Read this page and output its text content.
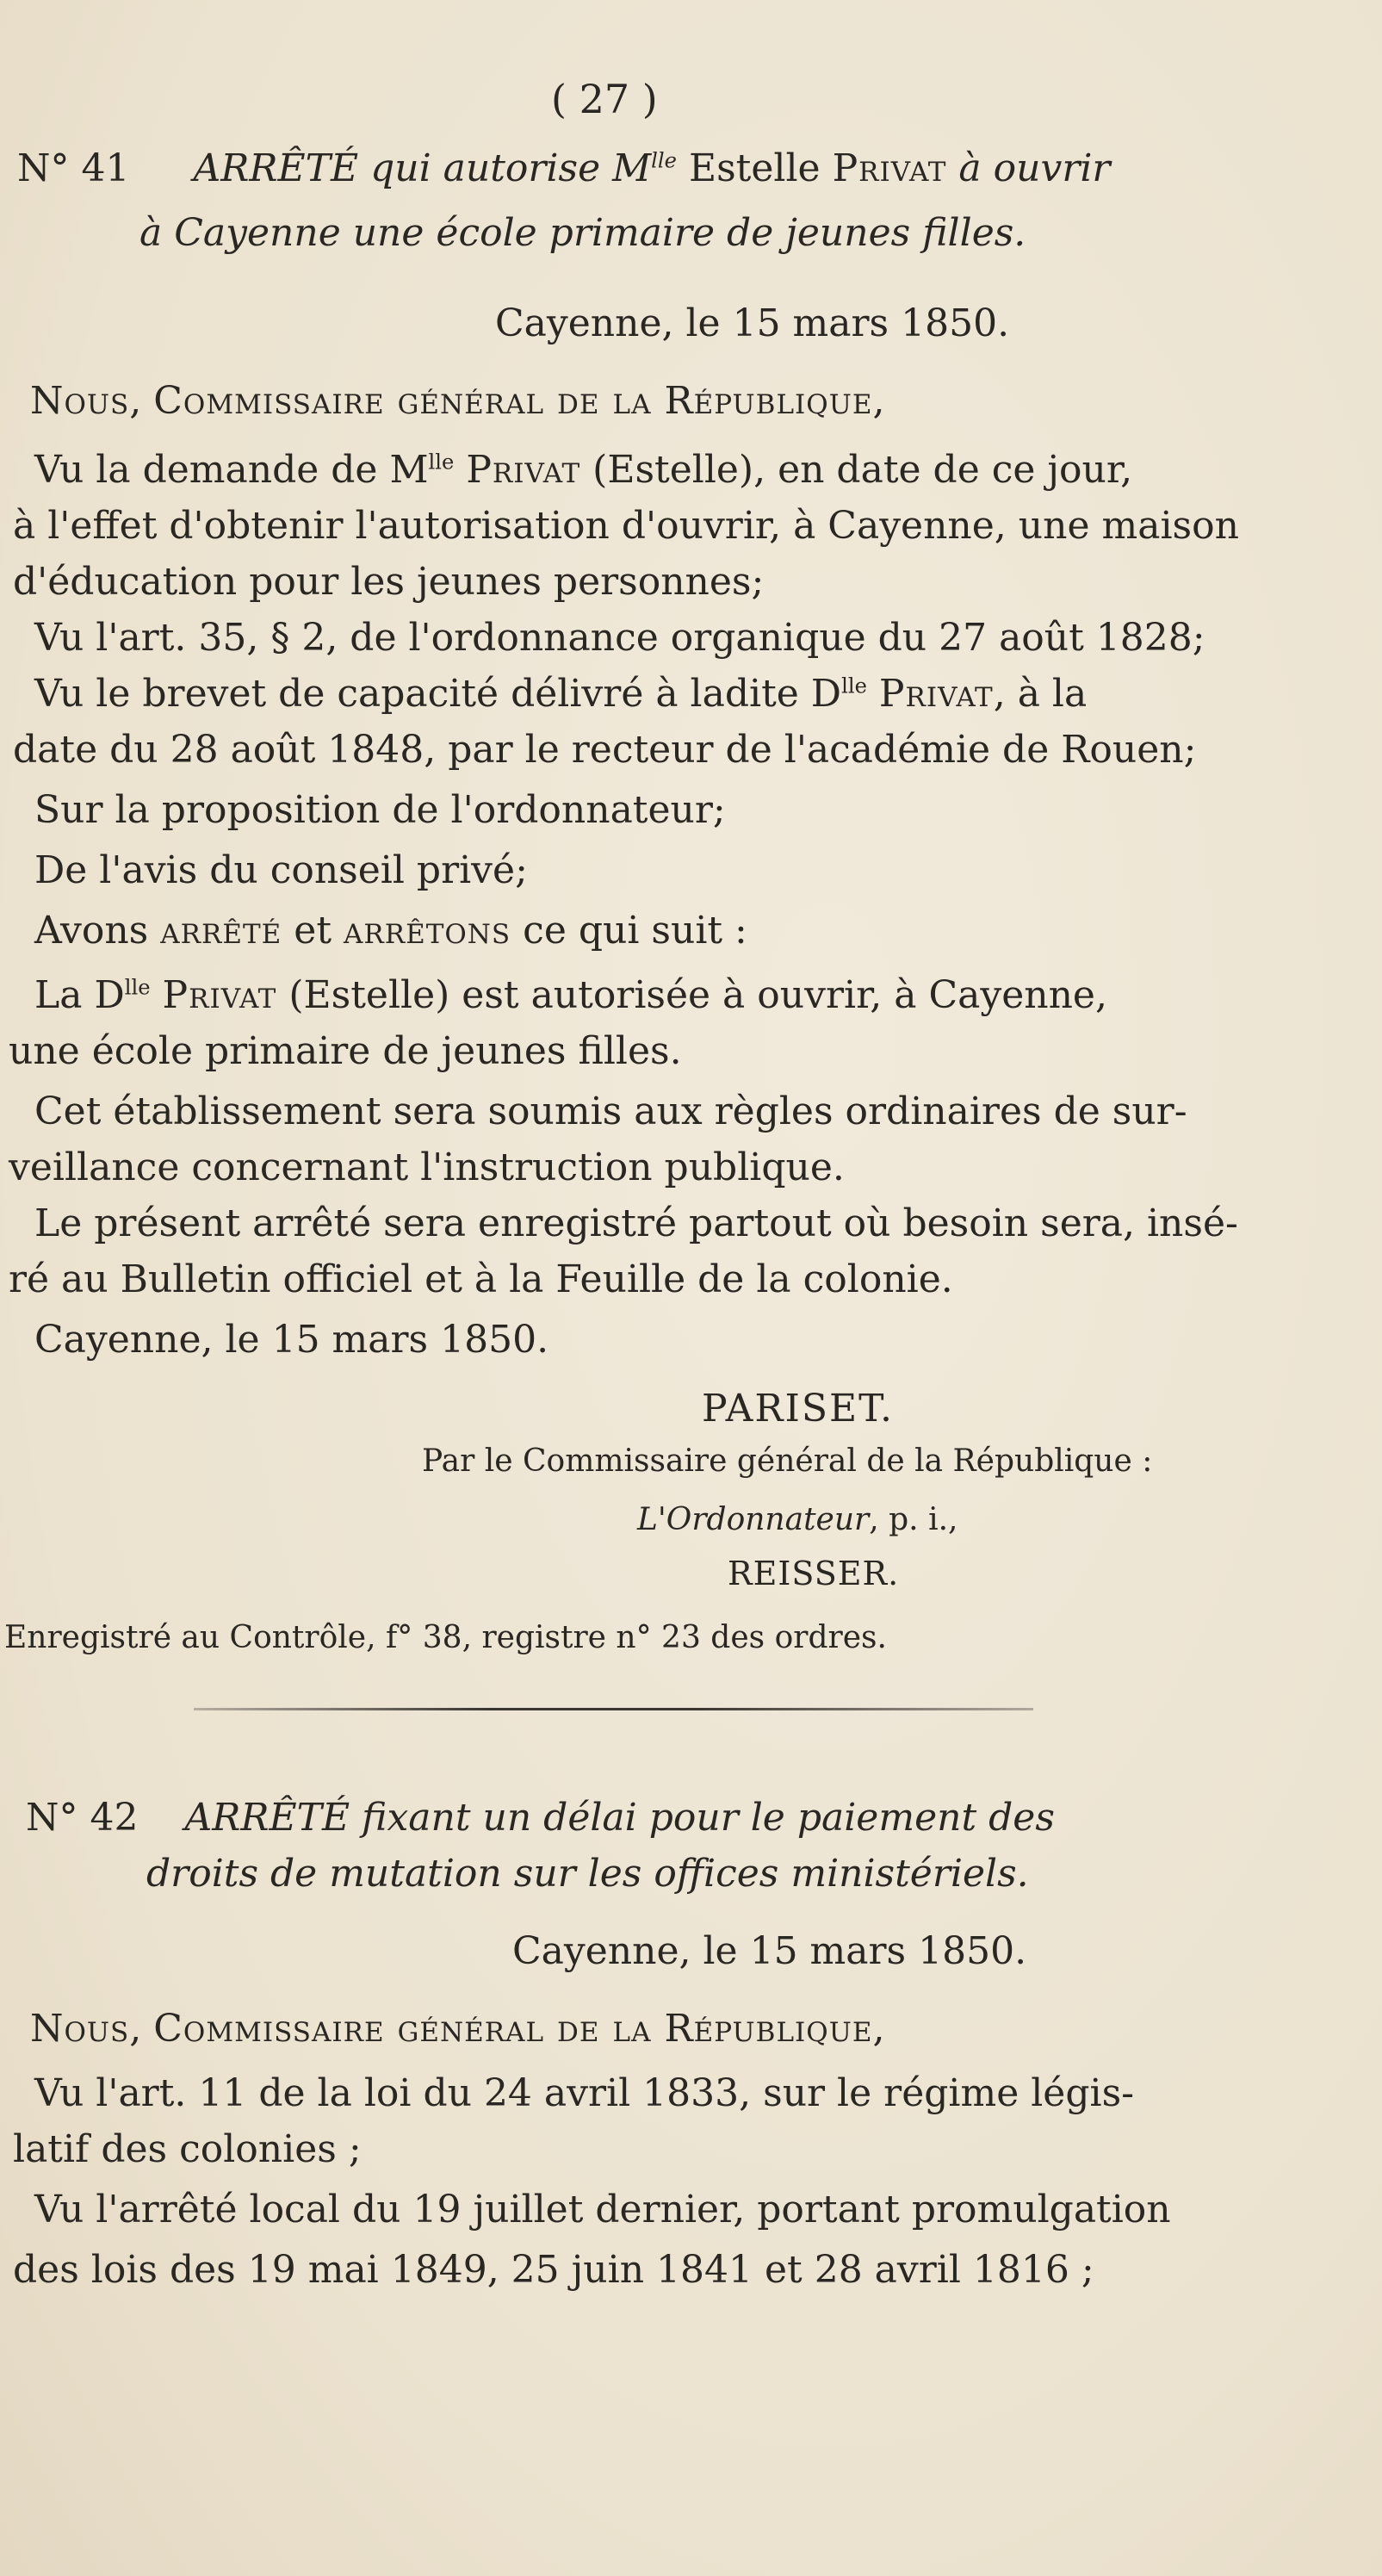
( 27 )
N° 41 ARRÊTÉ qui autorise $M^{lle}$ Estelle Privat à ouvrir
à Cayenne une école primaire de jeunes filles.
Cayenne, le 15 mars 1850.
Nous, Commissaire général de la République,
Vu la demande de $M^{lle}$ Privat (Estelle), en date de ce jour,
à l'effet d'obtenir l'autorisation d'ouvrir, à Cayenne, une maison
d'éducation pour les jeunes personnes;
Vu l'art. 35, § 2, de l'ordonnance organique du 27 août 1828;
Vu le brevet de capacité délivré à ladite $D^{lle}$ Privat, à la
date du 28 août 1848, par le recteur de l'académie de Rouen;
Sur la proposition de l'ordonnateur;
De l'avis du conseil privé;
Avons arrêté et arrêtons ce qui suit :
La $D^{lle}$ Privat (Estelle) est autorisée à ouvrir, à Cayenne,
une école primaire de jeunes filles.
Cet établissement sera soumis aux règles ordinaires de sur-
veillance concernant l'instruction publique.
Le présent arrêté sera enregistré partout où besoin sera, insé-
ré au Bulletin officiel et à la Feuille de la colonie.
Cayenne, le 15 mars 1850.
PARISET.
Par le Commissaire général de la République :
L'Ordonnateur, p. i.,
REISSER.
Enregistré au Contrôle, f° 38, registre n° 23 des ordres.
N° 42 ARRÊTÉ fixant un délai pour le paiement des
droits de mutation sur les offices ministériels.
Cayenne, le 15 mars 1850.
Nous, Commissaire général de la République,
Vu l'art. 11 de la loi du 24 avril 1833, sur le régime légis-
latif des colonies ;
Vu l'arrêté local du 19 juillet dernier, portant promulgation
des lois des 19 mai 1849, 25 juin 1841 et 28 avril 1816 ;
